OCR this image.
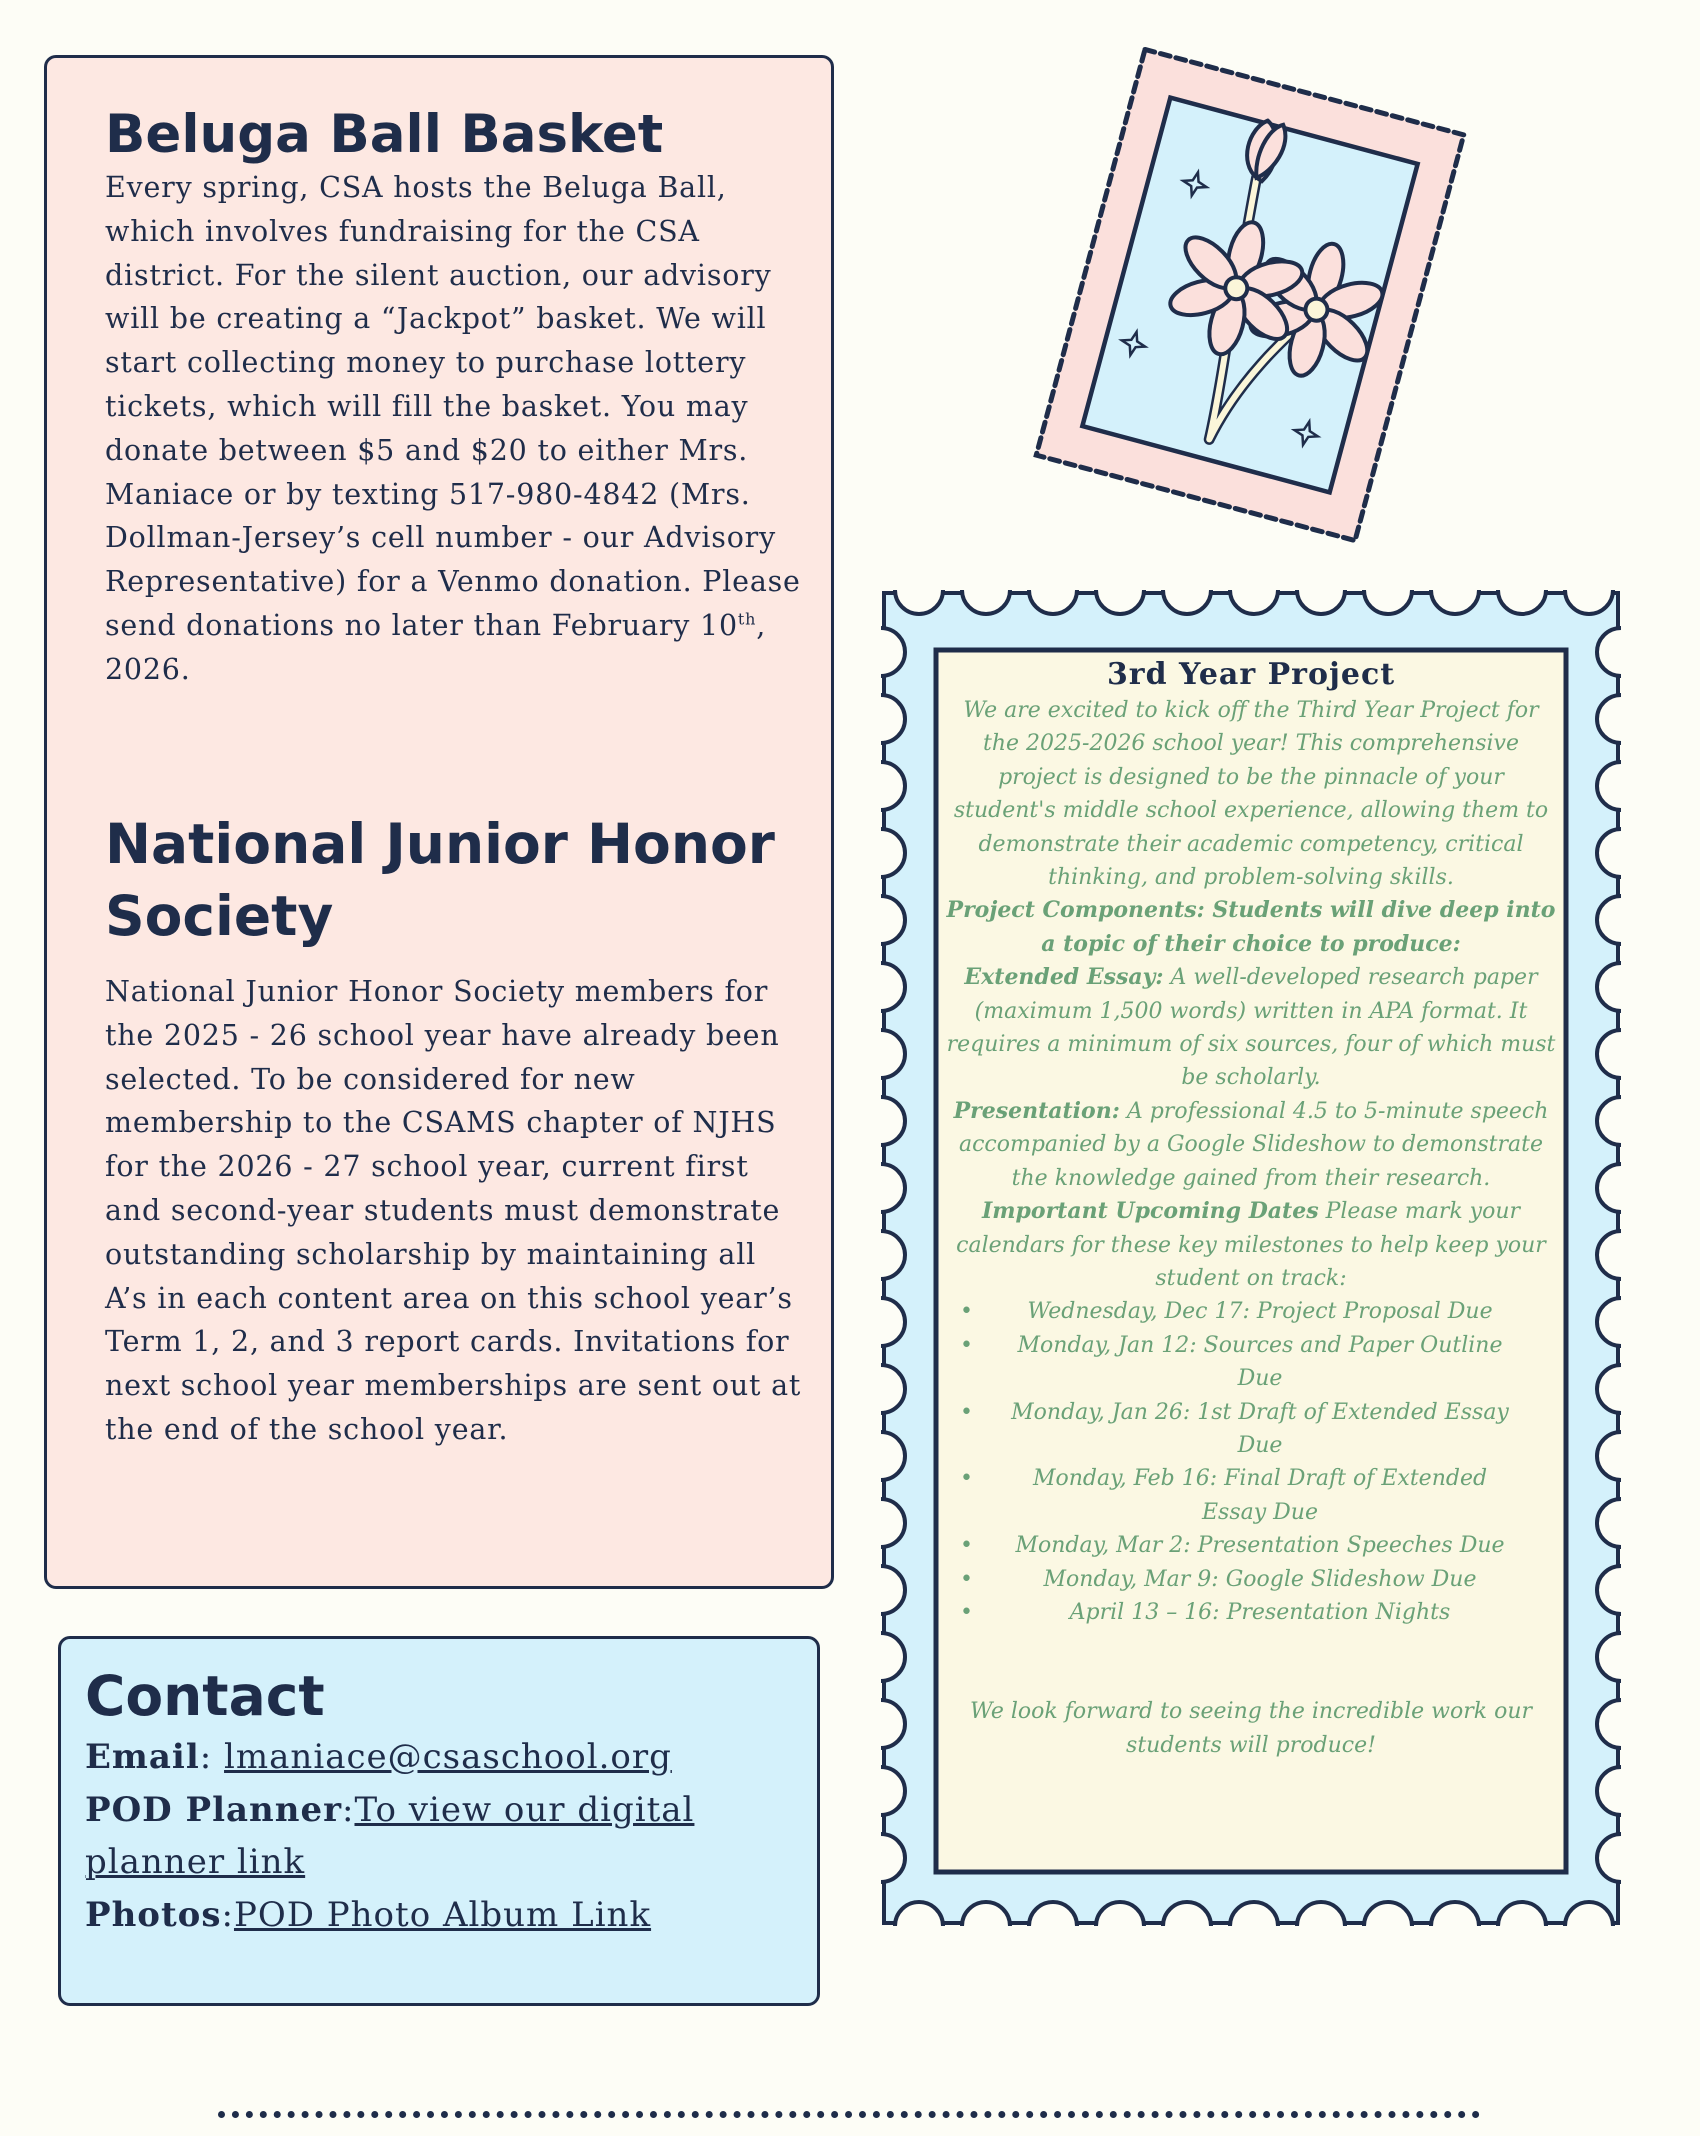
Beluga Ball Basket

Every spring, CSA hosts the Beluga Ball, which involves fundraising for the CSA district. For the silent auction, our advisory will be creating a “Jackpot” basket. We will start collecting money to purchase lottery tickets, which will fill the basket. You may donate between $5 and $20 to either Mrs. Maniace or by texting 517-980-4842 (Mrs. Dollman-Jersey’s cell number - our Advisory Representative) for a Venmo donation. Please send donations no later than February 10th, 2026.

National Junior Honor Society

National Junior Honor Society members for the 2025 - 26 school year have already been selected. To be considered for new membership to the CSAMS chapter of NJHS for the 2026 - 27 school year, current first and second-year students must demonstrate outstanding scholarship by maintaining all A’s in each content area on this school year’s Term 1, 2, and 3 report cards. Invitations for next school year memberships are sent out at the end of the school year.

Contact
Email: lmaniace@csaschool.org
POD Planner:To view our digital planner link
Photos:POD Photo Album Link
3rd Year Project

We are excited to kick off the Third Year Project for the 2025-2026 school year! This comprehensive project is designed to be the pinnacle of your student's middle school experience, allowing them to demonstrate their academic competency, critical thinking, and problem-solving skills.

Project Components: Students will dive deep into a topic of their choice to produce:

Extended Essay: A well-developed research paper (maximum 1,500 words) written in APA format. It requires a minimum of six sources, four of which must be scholarly.

Presentation: A professional 4.5 to 5-minute speech accompanied by a Google Slideshow to demonstrate the knowledge gained from their research.

Important Upcoming Dates Please mark your calendars for these key milestones to help keep your student on track:

• Wednesday, Dec 17: Project Proposal Due
• Monday, Jan 12: Sources and Paper Outline Due
• Monday, Jan 26: 1st Draft of Extended Essay Due
• Monday, Feb 16: Final Draft of Extended Essay Due
• Monday, Mar 2: Presentation Speeches Due
• Monday, Mar 9: Google Slideshow Due
• April 13 – 16: Presentation Nights

We look forward to seeing the incredible work our students will produce!
